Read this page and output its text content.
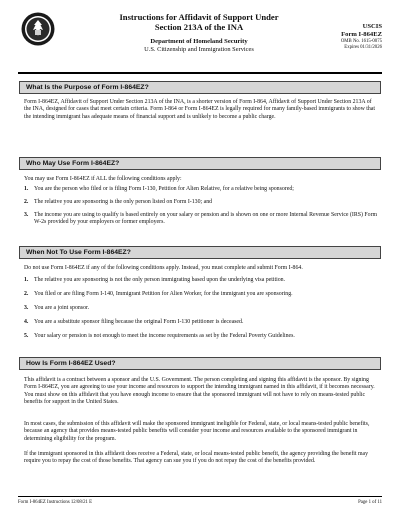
Instructions for Affidavit of Support Under
Section 213A of the INA
Department of Homeland Security
U.S. Citizenship and Immigration Services
USCIS
Form I-864EZ
OMB No. 1615-0075
Expires 01/31/2026
What Is the Purpose of Form I-864EZ?

Form I-864EZ, Affidavit of Support Under Section 213A of the INA, is a shorter version of Form I-864, Affidavit of Support Under Section 213A of the INA, designed for cases that meet certain criteria. Form I-864 or Form I-864EZ is legally required for many family-based immigrants to show that the intending immigrant has adequate means of financial support and is unlikely to become a public charge.

Who May Use Form I-864EZ?

You may use Form I-864EZ if ALL the following conditions apply:

1. You are the person who filed or is filing Form I-130, Petition for Alien Relative, for a relative being sponsored;
2. The relative you are sponsoring is the only person listed on Form I-130; and
3. The income you are using to qualify is based entirely on your salary or pension and is shown on one or more Internal Revenue Service (IRS) Form W-2s provided by your employers or former employers.
When Not To Use Form I-864EZ?

Do not use Form I-864EZ if any of the following conditions apply. Instead, you must complete and submit Form I-864.

1. The relative you are sponsoring is not the only person immigrating based upon the underlying visa petition.
2. You filed or are filing Form I-140, Immigrant Petition for Alien Worker, for the immigrant you are sponsoring.
3. You are a joint sponsor.
4. You are a substitute sponsor filing because the original Form I-130 petitioner is deceased.
5. Your salary or pension is not enough to meet the income requirements as set by the Federal Poverty Guidelines.
How Is Form I-864EZ Used?

This affidavit is a contract between a sponsor and the U.S. Government. The person completing and signing this affidavit is the sponsor. By signing Form I-864EZ, you are agreeing to use your income and resources to support the intending immigrant named in this affidavit, if it becomes necessary. You must show on this affidavit that you have enough income to ensure that the sponsored immigrant will not have to rely on means-tested public benefits for support in the United States.

In most cases, the submission of this affidavit will make the sponsored immigrant ineligible for Federal, state, or local means-tested public benefits, because an agency that provides means-tested public benefits will consider your income and resources available to the sponsored immigrant in determining eligibility for the program.

If the immigrant sponsored in this affidavit does receive a Federal, state, or local means-tested public benefit, the agency providing the benefit may require you to repay the cost of those benefits. That agency can sue you if you do not repay the cost of the benefits provided.

Form I-864EZ Instructions 12/08/21 E	Page 1 of 11
